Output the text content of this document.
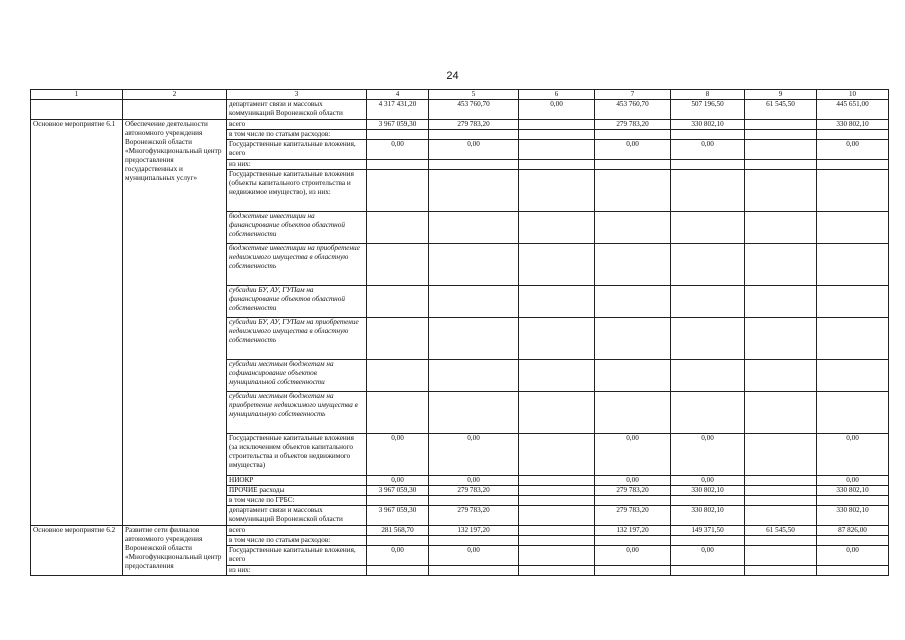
24
1	2	3	4	5	6	7	8	9	10
		департамент связи и массовых коммуникаций Воронежской области	4 317 431,20	453 760,70	0,00	453 760,70	507 196,50	61 545,50	445 651,00
Основное мероприятие 6.1	Обеспечение деятельности автономного учреждения Воронежской области «Многофункциональный центр предоставления государственных и муниципальных услуг»	всего	3 967 059,30	279 783,20		279 783,20	330 802,10		330 802,10
		в том числе по статьям расходов:							
		Государственные капитальные вложения, всего	0,00	0,00		0,00	0,00		0,00
		из них:							
		Государственные капитальные вложения (объекты капитального строительства и недвижимое имущество), из них:							
		бюджетные инвестиции на финансирование объектов областной собственности							
		бюджетные инвестиции на приобретение недвижимого имущества в областную собственность							
		субсидии БУ, АУ, ГУПам на финансирование объектов областной собственности							
		субсидии БУ, АУ, ГУПам на приобретение недвижимого имущества в областную собственность							
		субсидии местным бюджетам на софинансирование объектов муниципальной собственности							
		субсидии местным бюджетам на приобретение недвижимого имущества в муниципальную собственность							
		Государственные капитальные вложения (за исключением объектов капитального строительства и объектов недвижимого имущества)	0,00	0,00		0,00	0,00		0,00
		НИОКР	0,00	0,00		0,00	0,00		0,00
		ПРОЧИЕ расходы	3 967 059,30	279 783,20		279 783,20	330 802,10		330 802,10
		в том числе по ГРБС:							
		департамент связи и массовых коммуникаций Воронежской области	3 967 059,30	279 783,20		279 783,20	330 802,10		330 802,10
Основное мероприятие 6.2	Развитие сети филиалов автономного учреждения Воронежской области «Многофункциональный центр предоставления	всего	281 568,70	132 197,20		132 197,20	149 371,50	61 545,50	87 826,00
		в том числе по статьям расходов:							
		Государственные капитальные вложения, всего	0,00	0,00		0,00	0,00		0,00
		из них:							
